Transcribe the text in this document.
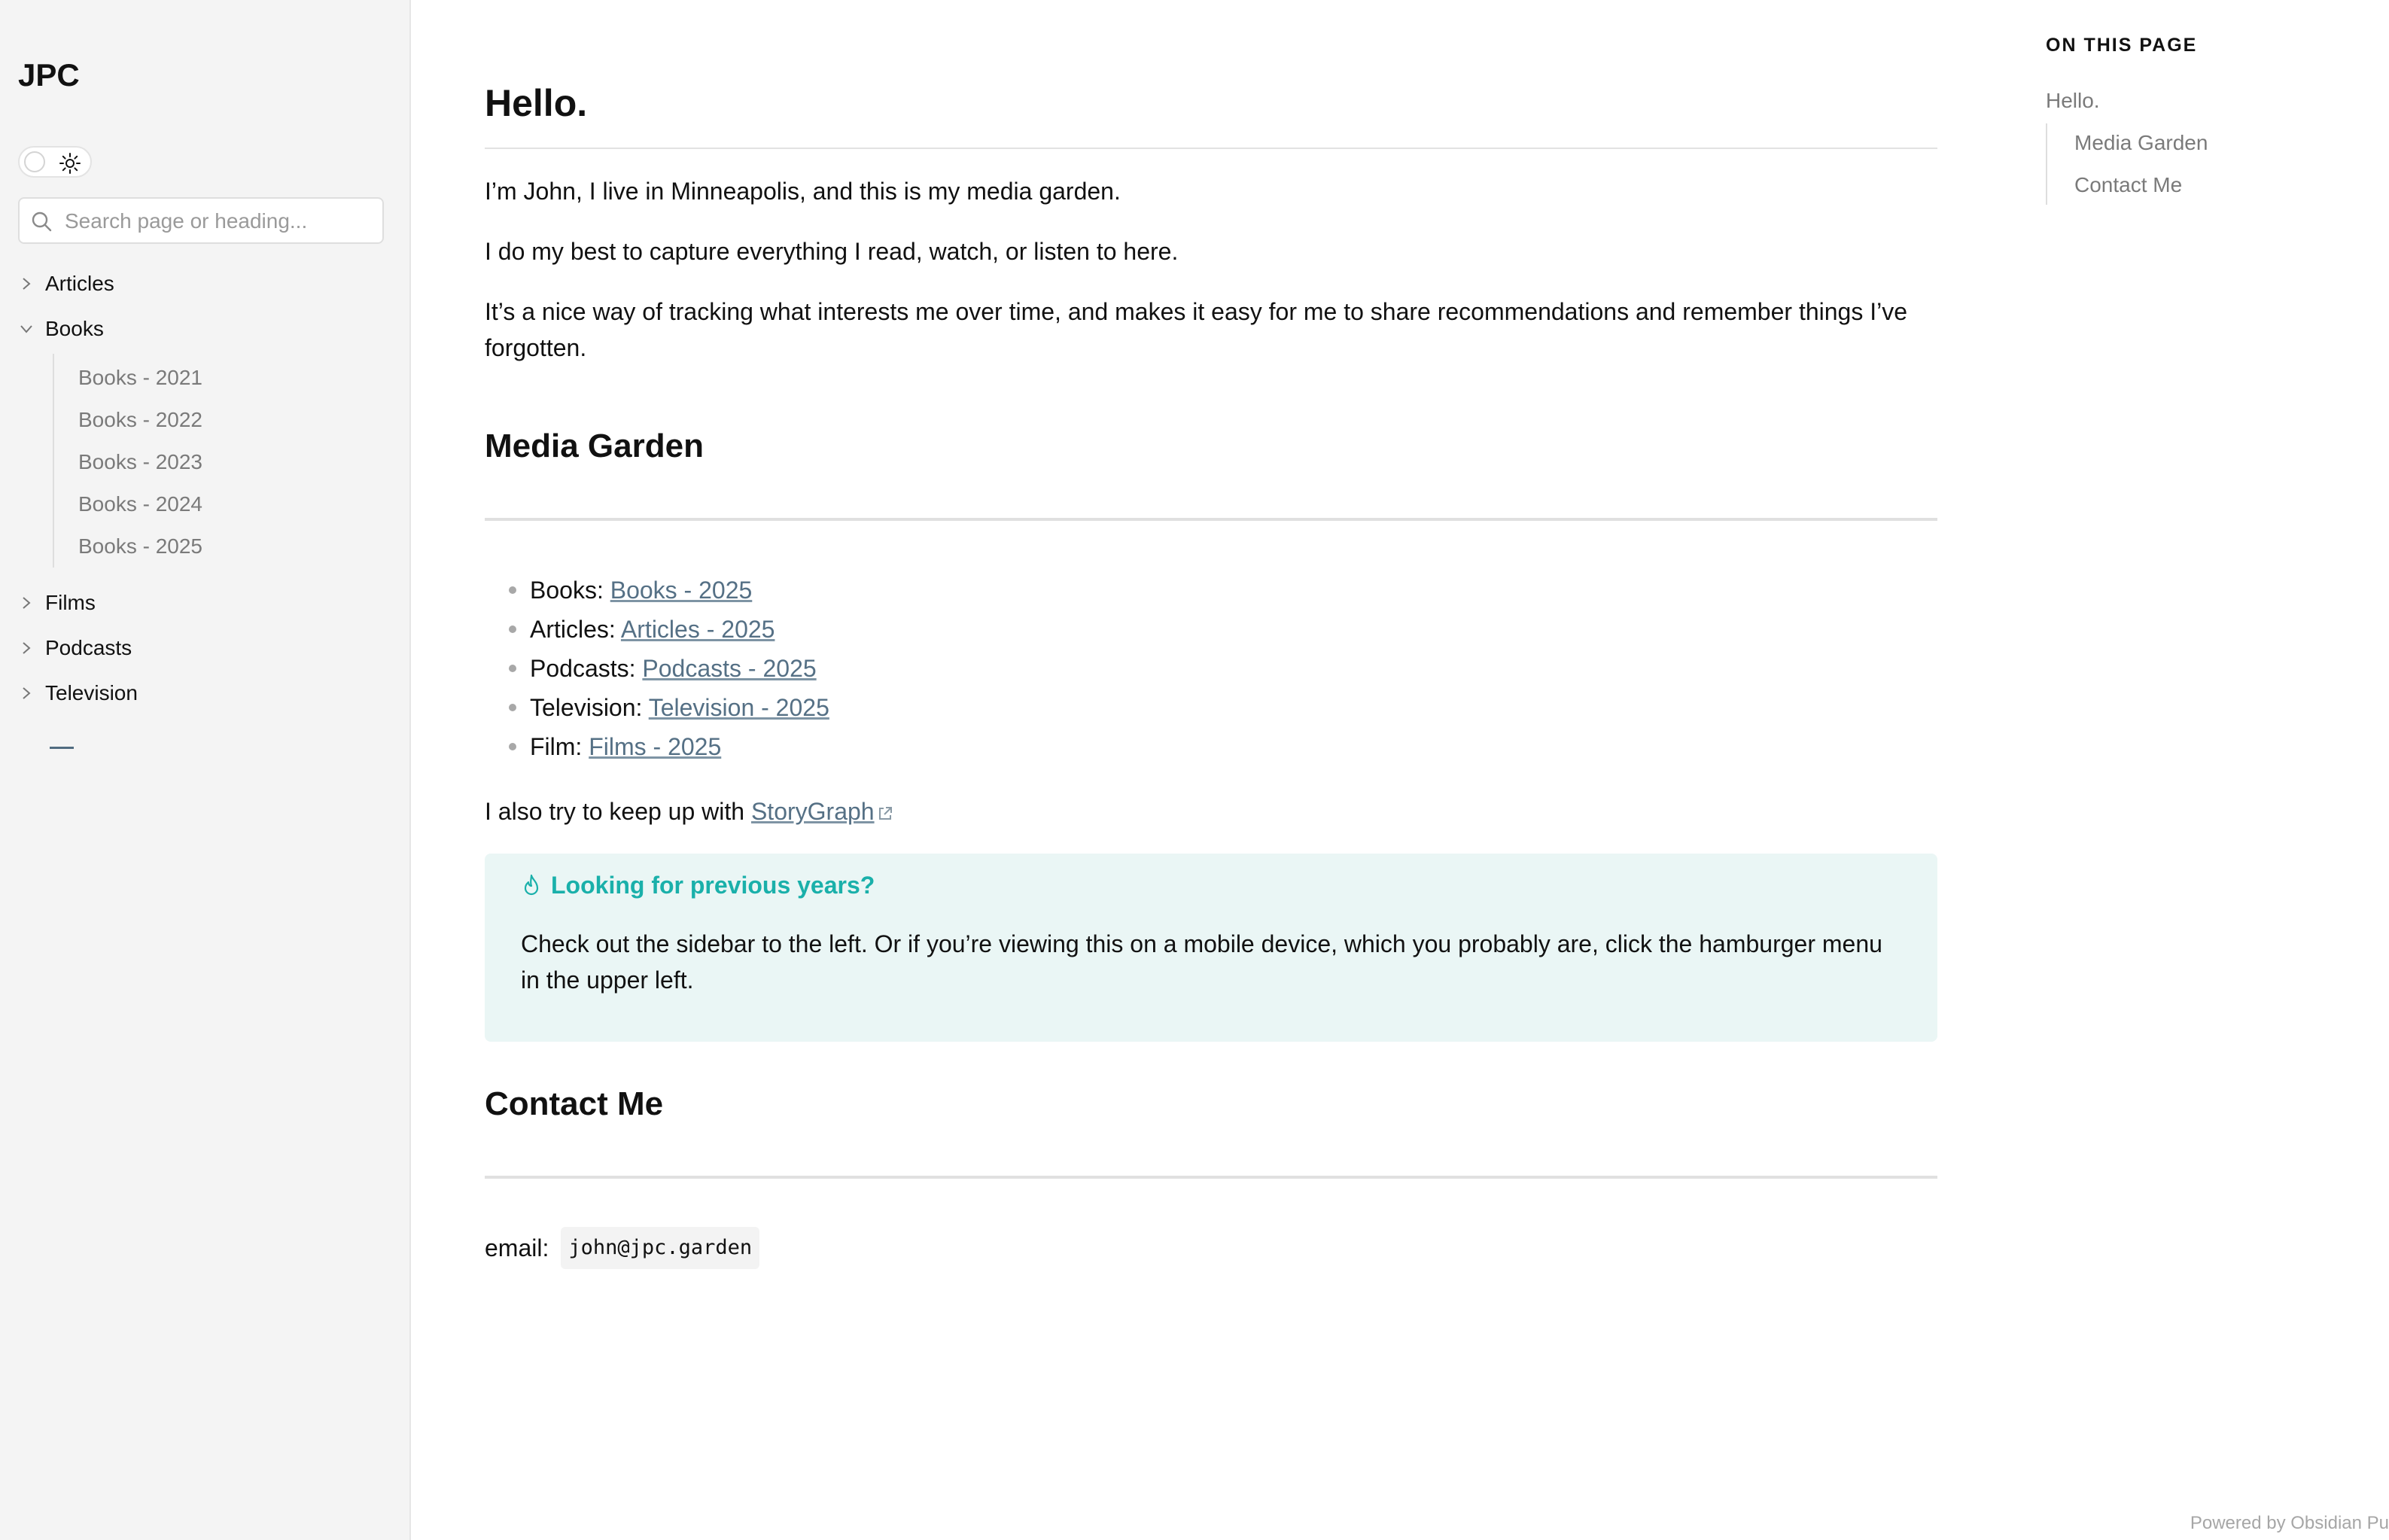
JPC
Search page or heading...
Articles
Books
Books - 2021
Books - 2022
Books - 2023
Books - 2024
Books - 2025
Films
Podcasts
Television
Hello.
I’m John, I live in Minneapolis, and this is my media garden.
I do my best to capture everything I read, watch, or listen to here.
It’s a nice way of tracking what interests me over time, and makes it easy for me to share recommendations and remember things I’ve forgotten.
Media Garden
Books: Books - 2025
Articles: Articles - 2025
Podcasts: Podcasts - 2025
Television: Television - 2025
Film: Films - 2025
I also try to keep up with StoryGraph
Looking for previous years?
Check out the sidebar to the left. Or if you’re viewing this on a mobile device, which you probably are, click the hamburger menu in the upper left.
Contact Me
email: john@jpc.garden
ON THIS PAGE
Hello.
Media Garden
Contact Me
Powered by Obsidian Pu
